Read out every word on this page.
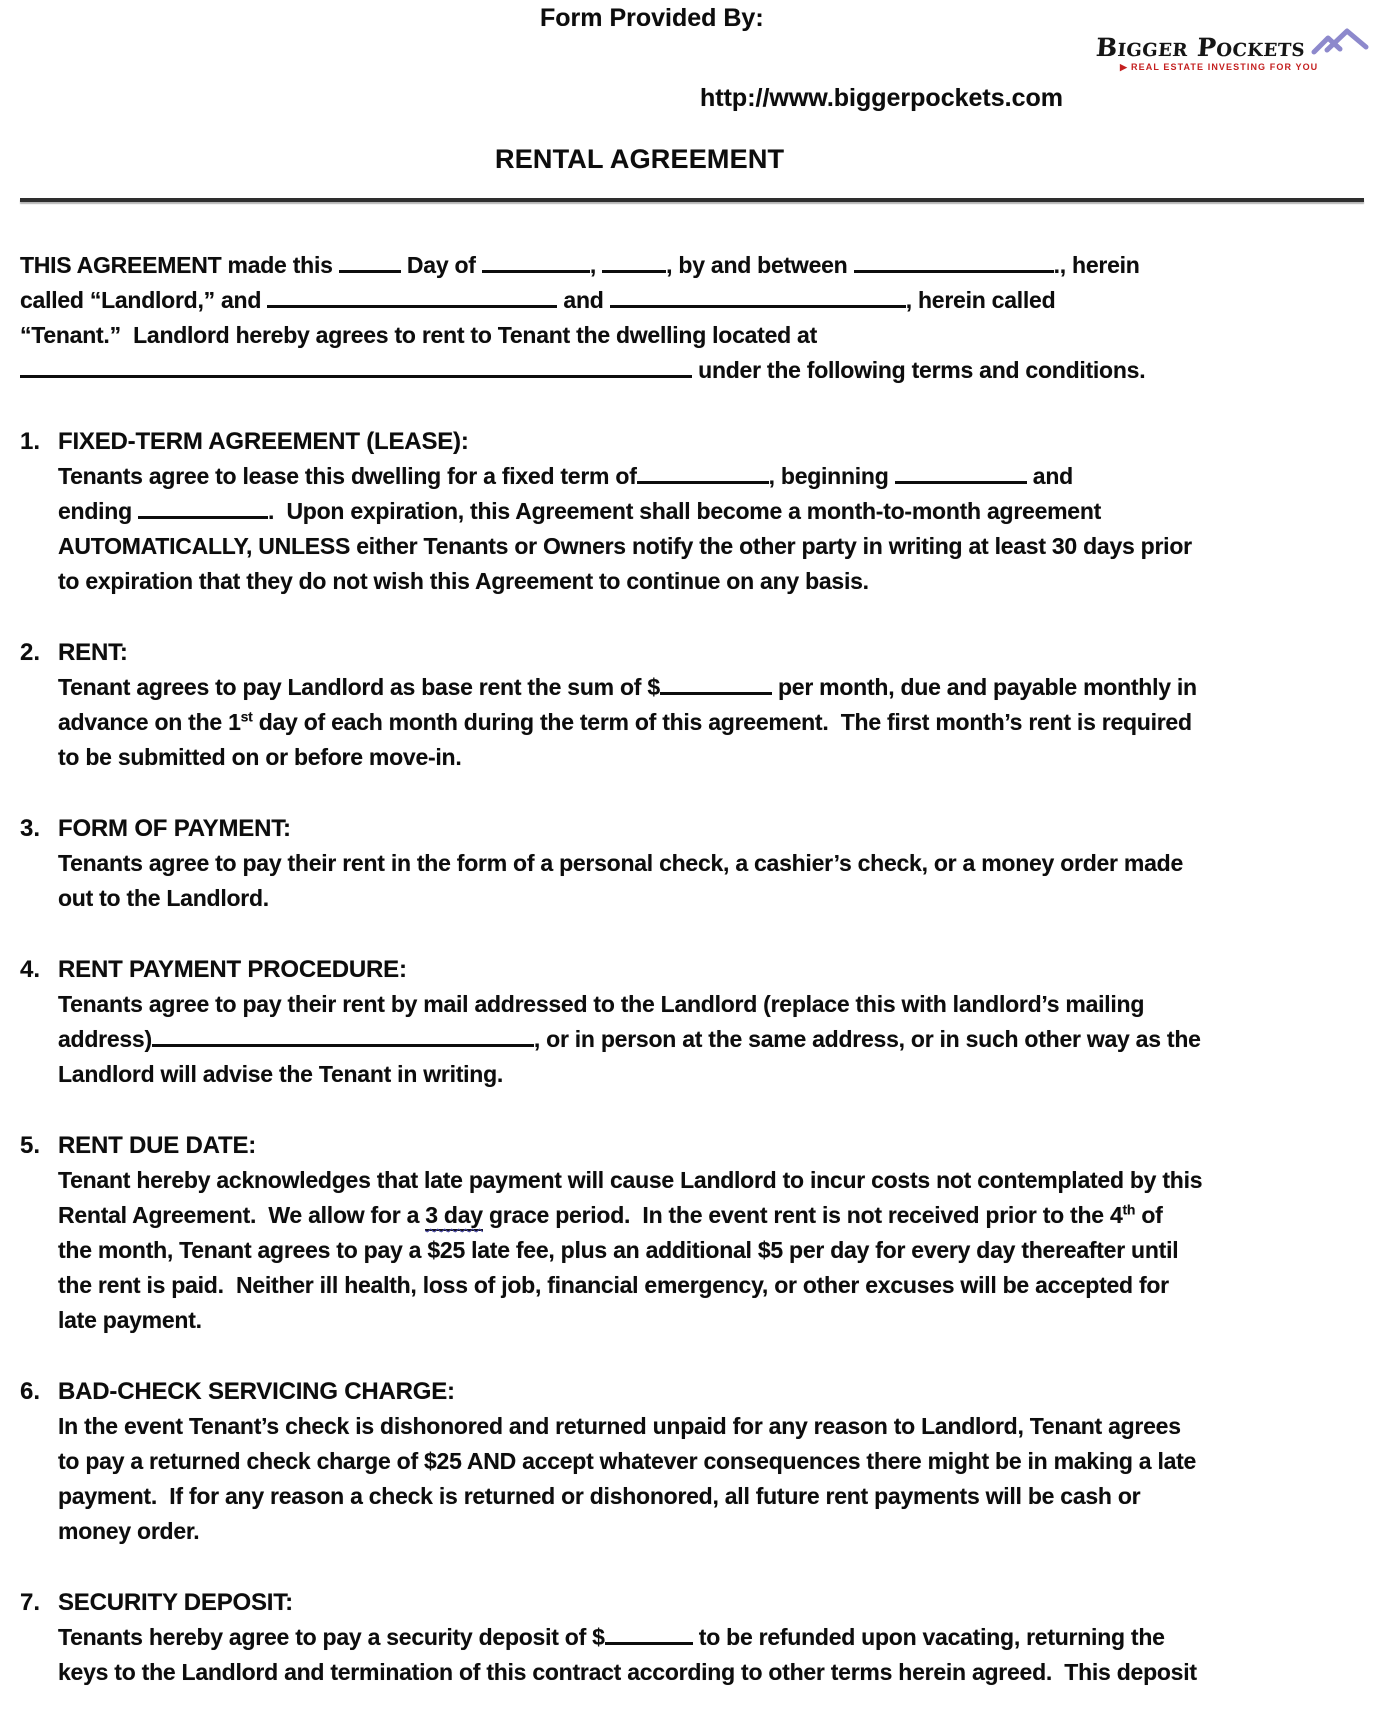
Form Provided By:
Bigger Pockets
▶ REAL ESTATE INVESTING FOR YOU
http://www.biggerpockets.com
RENTAL AGREEMENT
THIS AGREEMENT made this	Day of	,	, by and between	., herein
called “Landlord,” and	and	, herein called
“Tenant.”  Landlord hereby agrees to rent to Tenant the dwelling located at
under the following terms and conditions.
1. FIXED-TERM AGREEMENT (LEASE):
Tenants agree to lease this dwelling for a fixed term of	, beginning	and
ending	.  Upon expiration, this Agreement shall become a month-to-month agreement
AUTOMATICALLY, UNLESS either Tenants or Owners notify the other party in writing at least 30 days prior
to expiration that they do not wish this Agreement to continue on any basis.
2. RENT:
Tenant agrees to pay Landlord as base rent the sum of $	per month, due and payable monthly in
advance on the 1st day of each month during the term of this agreement.  The first month’s rent is required
to be submitted on or before move-in.
3. FORM OF PAYMENT:
Tenants agree to pay their rent in the form of a personal check, a cashier’s check, or a money order made
out to the Landlord.
4. RENT PAYMENT PROCEDURE:
Tenants agree to pay their rent by mail addressed to the Landlord (replace this with landlord’s mailing
address)	, or in person at the same address, or in such other way as the
Landlord will advise the Tenant in writing.
5. RENT DUE DATE:
Tenant hereby acknowledges that late payment will cause Landlord to incur costs not contemplated by this
Rental Agreement.  We allow for a 3 day grace period.  In the event rent is not received prior to the 4th of
the month, Tenant agrees to pay a $25 late fee, plus an additional $5 per day for every day thereafter until
the rent is paid.  Neither ill health, loss of job, financial emergency, or other excuses will be accepted for
late payment.
6. BAD-CHECK SERVICING CHARGE:
In the event Tenant’s check is dishonored and returned unpaid for any reason to Landlord, Tenant agrees
to pay a returned check charge of $25 AND accept whatever consequences there might be in making a late
payment.  If for any reason a check is returned or dishonored, all future rent payments will be cash or
money order.
7. SECURITY DEPOSIT:
Tenants hereby agree to pay a security deposit of $	to be refunded upon vacating, returning the
keys to the Landlord and termination of this contract according to other terms herein agreed.  This deposit
